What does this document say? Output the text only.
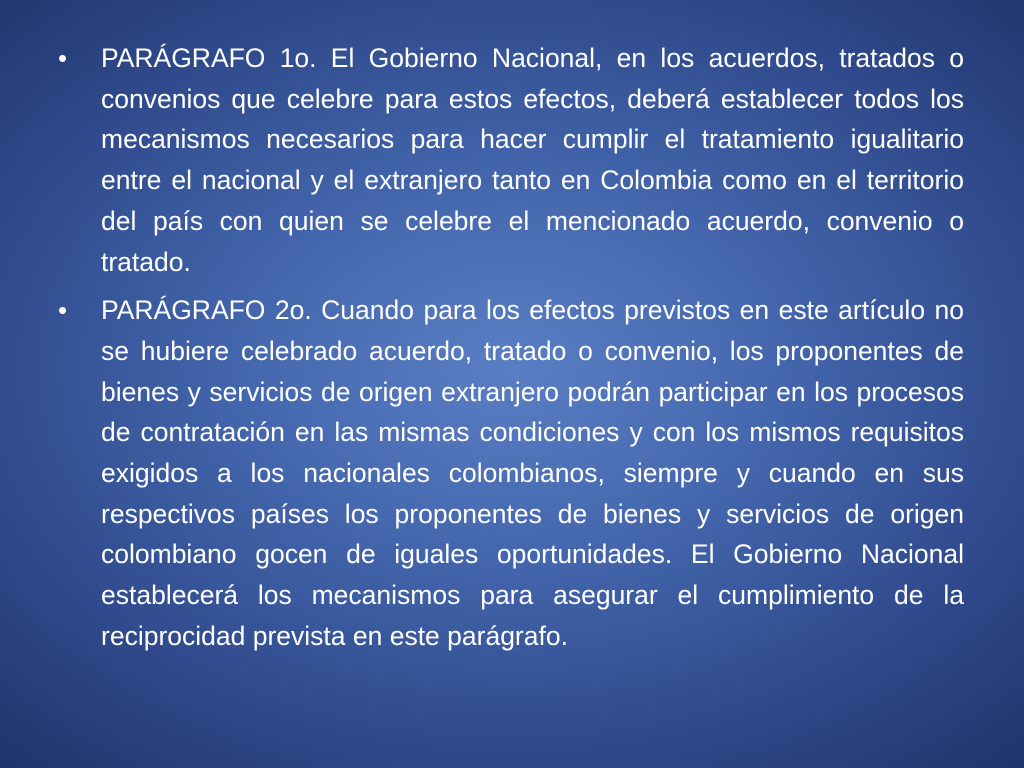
• PARÁGRAFO 1o. El Gobierno Nacional, en los acuerdos, tratados o convenios que celebre para estos efectos, deberá establecer todos los mecanismos necesarios para hacer cumplir el tratamiento igualitario entre el nacional y el extranjero tanto en Colombia como en el territorio del país con quien se celebre el mencionado acuerdo, convenio o tratado.
• PARÁGRAFO 2o. Cuando para los efectos previstos en este artículo no se hubiere celebrado acuerdo, tratado o convenio, los proponentes de bienes y servicios de origen extranjero podrán participar en los procesos de contratación en las mismas condiciones y con los mismos requisitos exigidos a los nacionales colombianos, siempre y cuando en sus respectivos países los proponentes de bienes y servicios de origen colombiano gocen de iguales oportunidades. El Gobierno Nacional establecerá los mecanismos para asegurar el cumplimiento de la reciprocidad prevista en este parágrafo.
